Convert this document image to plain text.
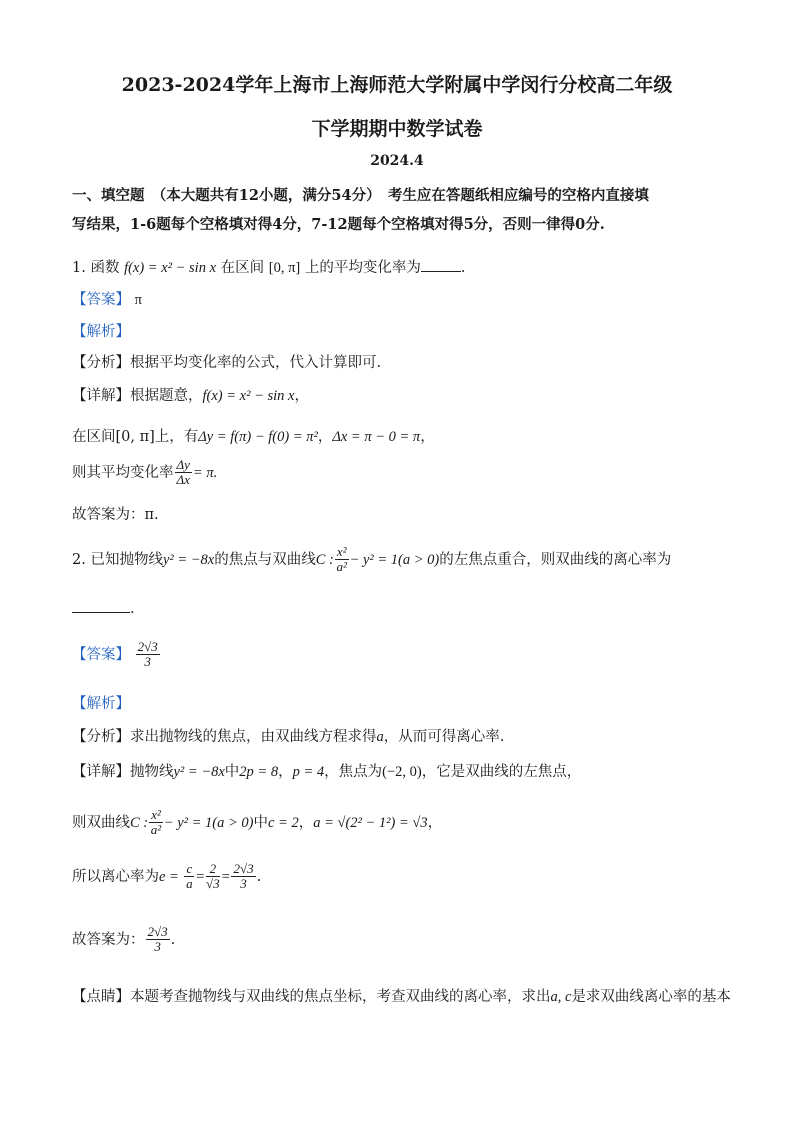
2023-2024学年上海市上海师范大学附属中学闵行分校高二年级
下学期期中数学试卷
2024.4
一、填空题　（本大题共有12小题，满分54分）　考生应在答题纸相应编号的空格内直接填
写结果，1-6题每个空格填对得4分，7-12题每个空格填对得5分，否则一律得0分.
1. 函数 f(x) = x² − sin x 在区间 [0, π] 上的平均变化率为	.
【答案】 π
【解析】
【分析】根据平均变化率的公式，代入计算即可.
【详解】根据题意，f(x) = x² − sin x，
在区间[0, π]上，有Δy = f(π) − f(0) = π²，Δx = π − 0 = π，
则其平均变化率 $\frac{\Delta y}{\Delta x} = \pi$.
故答案为：π.
2. 已知抛物线y² = −8x的焦点与双曲线C : $\frac{\text{x²}}{\text{a²}} - y^2 = 1(a > 0)$的左焦点重合，则双曲线的离心率为
.
【答案】 $\frac{2√3}{3}$
【解析】
【分析】求出抛物线的焦点，由双曲线方程求得a，从而可得离心率.
【详解】抛物线y² = −8x中2p = 8，p = 4，焦点为(−2, 0)，它是双曲线的左焦点，
则双曲线C : $\frac{\text{x²}}{\text{a²}} - y^2 = 1(a > 0)$中c = 2，a = √(2² − 1²) = √3，
所以离心率为$e = \frac{c}{a} = \frac{2}{√3} = \frac{2√3}{3}$ .
故答案为： $\frac{2√3}{3}$ .
【点睛】本题考查抛物线与双曲线的焦点坐标，考查双曲线的离心率，求出a, c是求双曲线离心率的基本
